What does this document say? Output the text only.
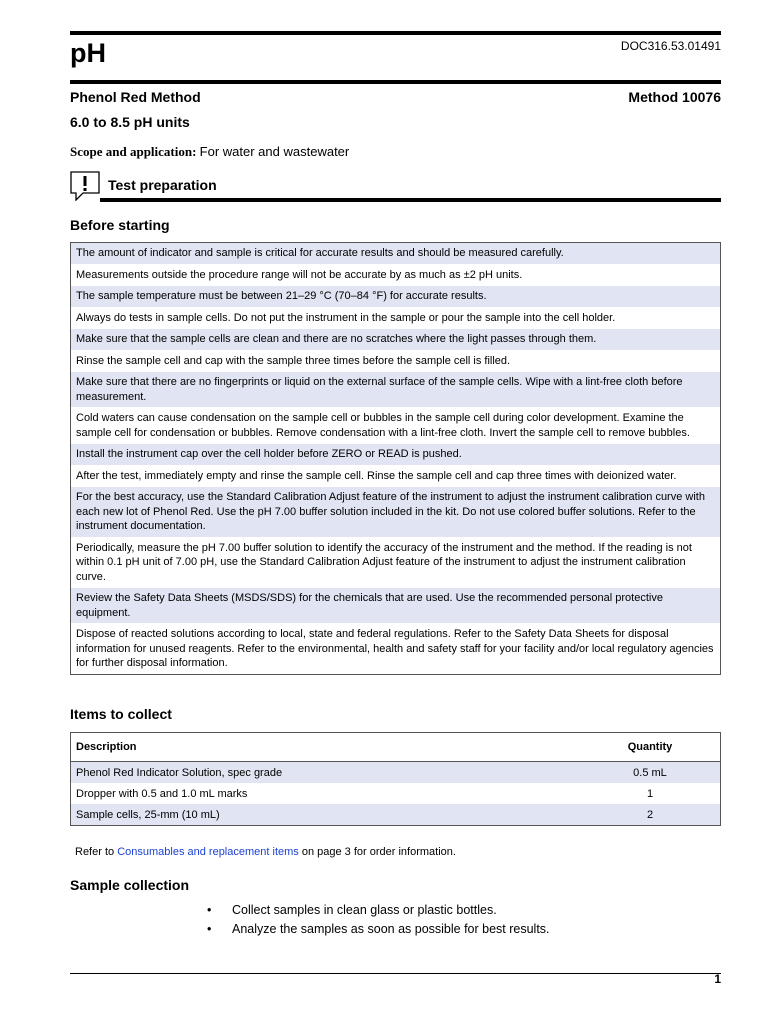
pH	DOC316.53.01491
Phenol Red Method	Method 10076
6.0 to 8.5 pH units
Scope and application: For water and wastewater
Test preparation
Before starting
The amount of indicator and sample is critical for accurate results and should be measured carefully.
Measurements outside the procedure range will not be accurate by as much as ±2 pH units.
The sample temperature must be between 21–29 °C (70–84 °F) for accurate results.
Always do tests in sample cells. Do not put the instrument in the sample or pour the sample into the cell holder.
Make sure that the sample cells are clean and there are no scratches where the light passes through them.
Rinse the sample cell and cap with the sample three times before the sample cell is filled.
Make sure that there are no fingerprints or liquid on the external surface of the sample cells. Wipe with a lint-free cloth before measurement.
Cold waters can cause condensation on the sample cell or bubbles in the sample cell during color development. Examine the sample cell for condensation or bubbles. Remove condensation with a lint-free cloth. Invert the sample cell to remove bubbles.
Install the instrument cap over the cell holder before ZERO or READ is pushed.
After the test, immediately empty and rinse the sample cell. Rinse the sample cell and cap three times with deionized water.
For the best accuracy, use the Standard Calibration Adjust feature of the instrument to adjust the instrument calibration curve with each new lot of Phenol Red. Use the pH 7.00 buffer solution included in the kit. Do not use colored buffer solutions. Refer to the instrument documentation.
Periodically, measure the pH 7.00 buffer solution to identify the accuracy of the instrument and the method. If the reading is not within 0.1 pH unit of 7.00 pH, use the Standard Calibration Adjust feature of the instrument to adjust the instrument calibration curve.
Review the Safety Data Sheets (MSDS/SDS) for the chemicals that are used. Use the recommended personal protective equipment.
Dispose of reacted solutions according to local, state and federal regulations. Refer to the Safety Data Sheets for disposal information for unused reagents. Refer to the environmental, health and safety staff for your facility and/or local regulatory agencies for further disposal information.
Items to collect
Description	Quantity
Phenol Red Indicator Solution, spec grade	0.5 mL
Dropper with 0.5 and 1.0 mL marks	1
Sample cells, 25-mm (10 mL)	2
Refer to Consumables and replacement items on page 3 for order information.
Sample collection
• Collect samples in clean glass or plastic bottles.
• Analyze the samples as soon as possible for best results.
1
